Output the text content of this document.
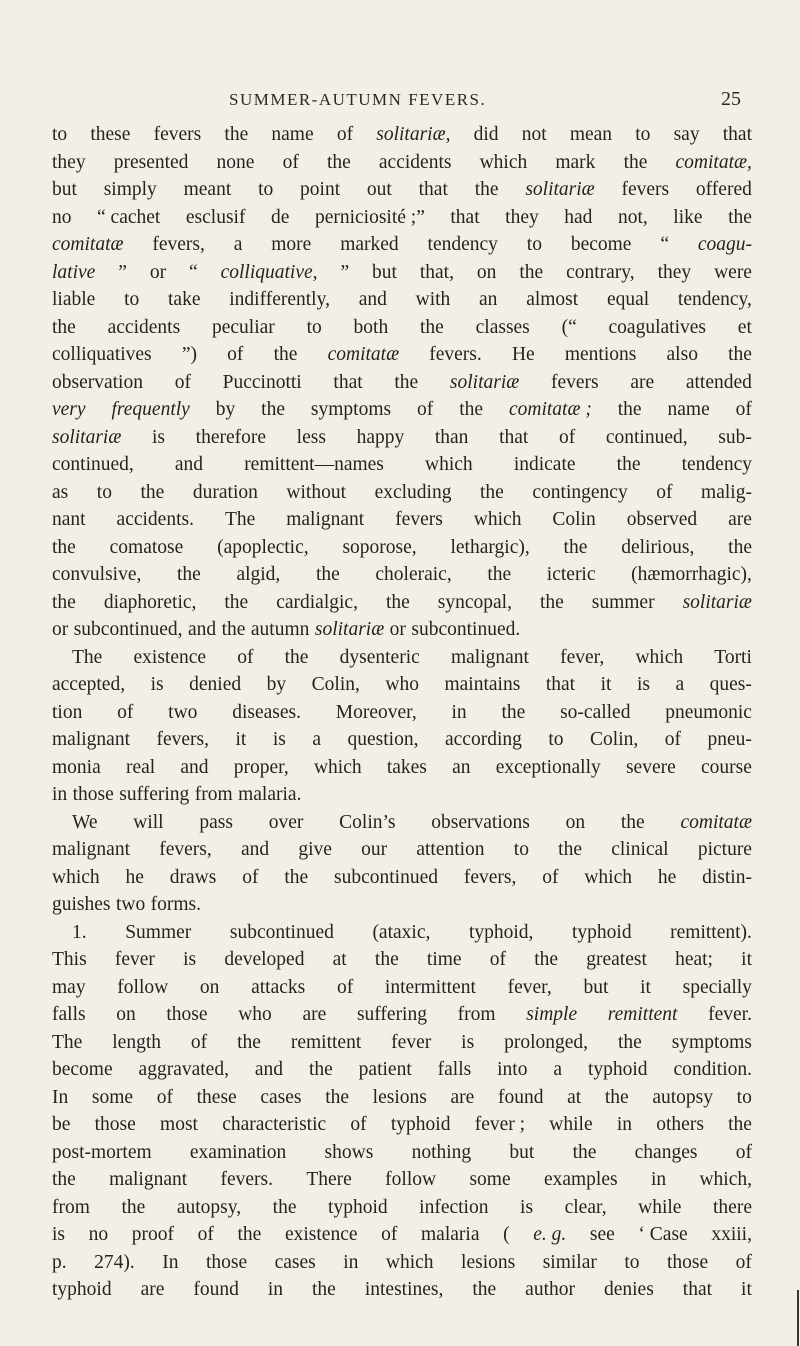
SUMMER-AUTUMN FEVERS.	25
to these fevers the name of solitariæ, did not mean to say that
they presented none of the accidents which mark the comitatæ,
but simply meant to point out that the solitariæ fevers offered
no “ cachet esclusif de perniciosité ;” that they had not, like the
comitatæ fevers, a more marked tendency to become “ coagu-
lative ” or “ colliquative, ” but that, on the contrary, they were
liable to take indifferently, and with an almost equal tendency,
the accidents peculiar to both the classes (“ coagulatives et
colliquatives ”) of the comitatæ fevers. He mentions also the
observation of Puccinotti that the solitariæ fevers are attended
very frequently by the symptoms of the comitatæ ; the name of
solitariæ is therefore less happy than that of continued, sub-
continued, and remittent—names which indicate the tendency
as to the duration without excluding the contingency of malig-
nant accidents. The malignant fevers which Colin observed are
the comatose (apoplectic, soporose, lethargic), the delirious, the
convulsive, the algid, the choleraic, the icteric (hæmorrhagic),
the diaphoretic, the cardialgic, the syncopal, the summer solitariæ
or subcontinued, and the autumn solitariæ or subcontinued.
The existence of the dysenteric malignant fever, which Torti
accepted, is denied by Colin, who maintains that it is a ques-
tion of two diseases. Moreover, in the so-called pneumonic
malignant fevers, it is a question, according to Colin, of pneu-
monia real and proper, which takes an exceptionally severe course
in those suffering from malaria.
We will pass over Colin’s observations on the comitatæ
malignant fevers, and give our attention to the clinical picture
which he draws of the subcontinued fevers, of which he distin-
guishes two forms.
1. Summer subcontinued (ataxic, typhoid, typhoid remittent).
This fever is developed at the time of the greatest heat; it
may follow on attacks of intermittent fever, but it specially
falls on those who are suffering from simple remittent fever.
The length of the remittent fever is prolonged, the symptoms
become aggravated, and the patient falls into a typhoid condition.
In some of these cases the lesions are found at the autopsy to
be those most characteristic of typhoid fever ; while in others the
post-mortem examination shows nothing but the changes of
the malignant fevers. There follow some examples in which,
from the autopsy, the typhoid infection is clear, while there
is no proof of the existence of malaria ( e. g. see ‘ Case xxiii,
p. 274). In those cases in which lesions similar to those of
typhoid are found in the intestines, the author denies that it
